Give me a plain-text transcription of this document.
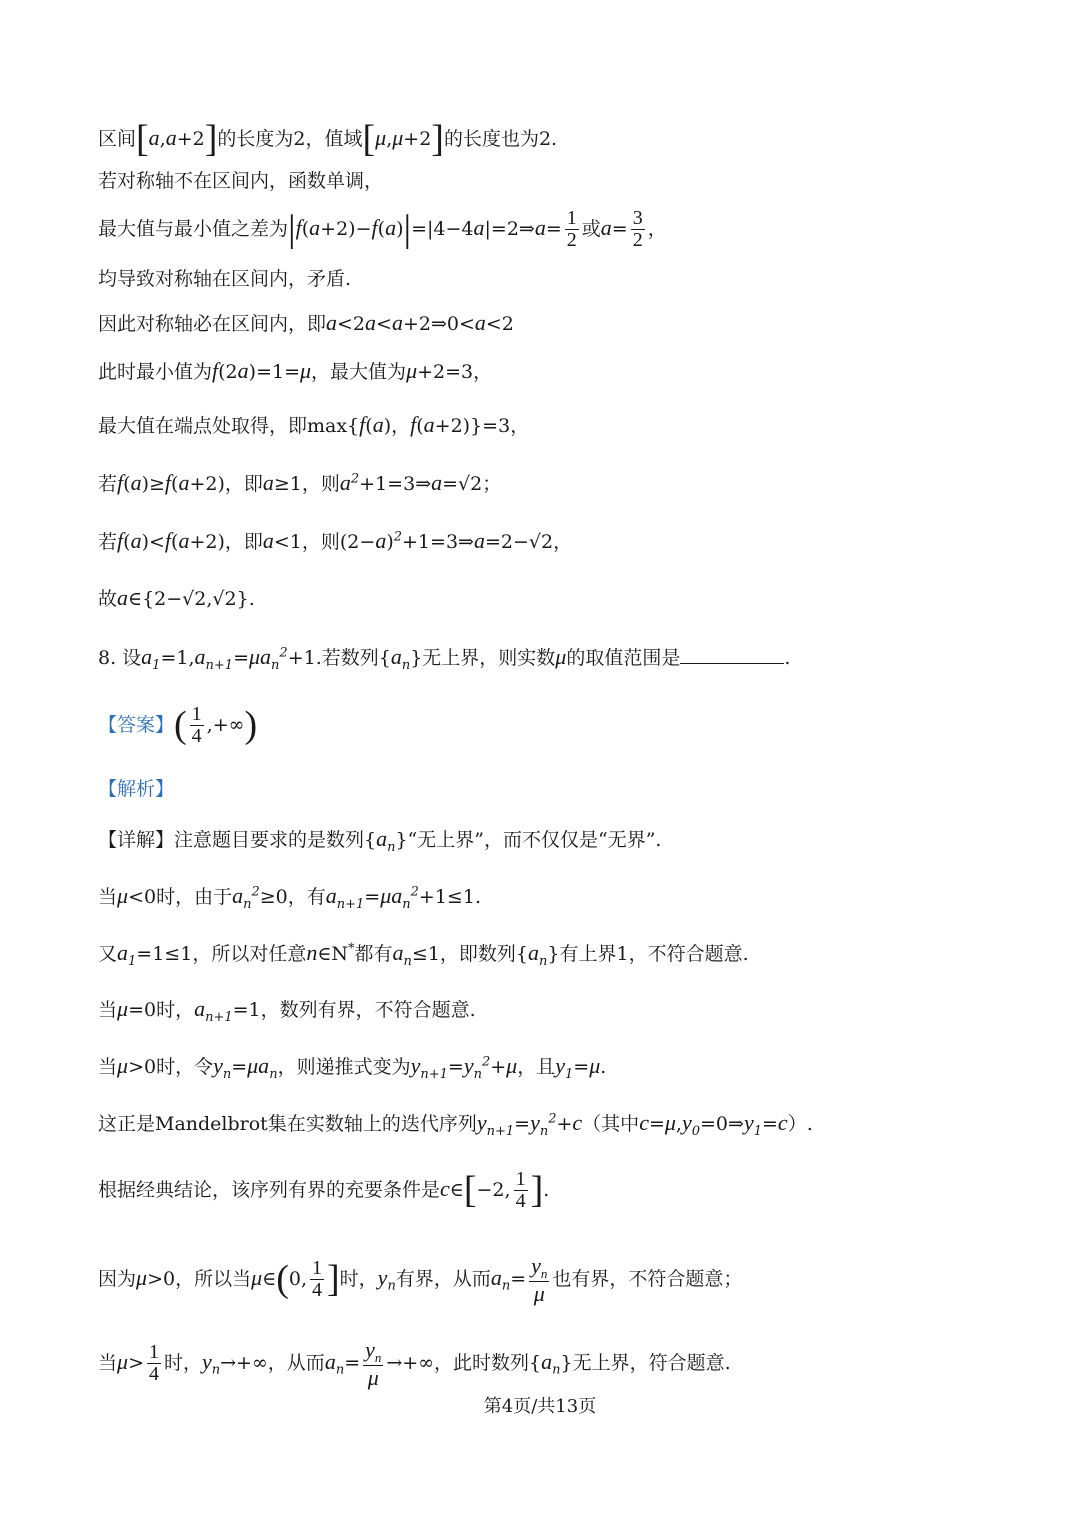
区间[a,a+2]的长度为2，值域[μ,μ+2]的长度也为2.
若对称轴不在区间内，函数单调，
最大值与最小值之差为|f(a+2)−f(a)|=|4−4a|=2⇒a= $\frac{1}{2}$ 或$a= \frac{3}{2}$ ，
均导致对称轴在区间内，矛盾.
因此对称轴必在区间内，即a<2a<a+2⇒0<a<2
此时最小值为f(2a)=1=μ，最大值为μ+2=3，
最大值在端点处取得，即max{f(a)，f(a+2)}=3，
若f(a)≥f(a+2)，即a≥1，则$a^2+1=3\Rightarrow a=√2$；
若f(a)<f(a+2)，即a<1，则$(2-a)^2+1=3\Rightarrow a=2-√2$，
故a∈{2−√2,√2}.
8. 设$a_1=1,a_{n+1}=\mu a_n^2+1$.若数列$\{a_n\}$无上界，则实数μ的取值范围是	.
【答案】( $\frac{1}{4}$ ,+∞)
【解析】
【详解】注意题目要求的是数列$\{a_n\}“$无上界”，而不仅仅是“无界”.
当μ<0时，由于$a_n^2\ge 0$，有$a_{n+1}=\mu a_n^2+1\le 1$.
又$a_1=1\le 1$，所以对任意n∈N*都有$a_n\le 1$，即数列$\{a_n\}$有上界1，不符合题意.
当μ=0时，$a_{n+1}=1$，数列有界，不符合题意.
当μ>0时，令$y_n=\mu a_n$，则递推式变为$y_{n+1}=y_n^2+\mu$，且$y_1=\mu$.
这正是Mandelbrot集在实数轴上的迭代序列$y_{n+1}=y_n^2+c$（其中$c=\mu,y_0=0\Rightarrow y_1=c$）.
根据经典结论，该序列有界的充要条件是c∈[−2, $\frac{1}{4}$ ].
因为μ>0，所以当μ∈(0, $\frac{1}{4}$ ]时，$y_n$有界，从而$a_n= \frac{y_n}{\mu}$ 也有界，不符合题意；
当$\mu> \frac{1}{4}$ 时，$y_n\to+\infty$，从而$a_n= \frac{y_n}{\mu}$ →+∞，此时数列$\{a_n\}$无上界，符合题意.
第4页/共13页
